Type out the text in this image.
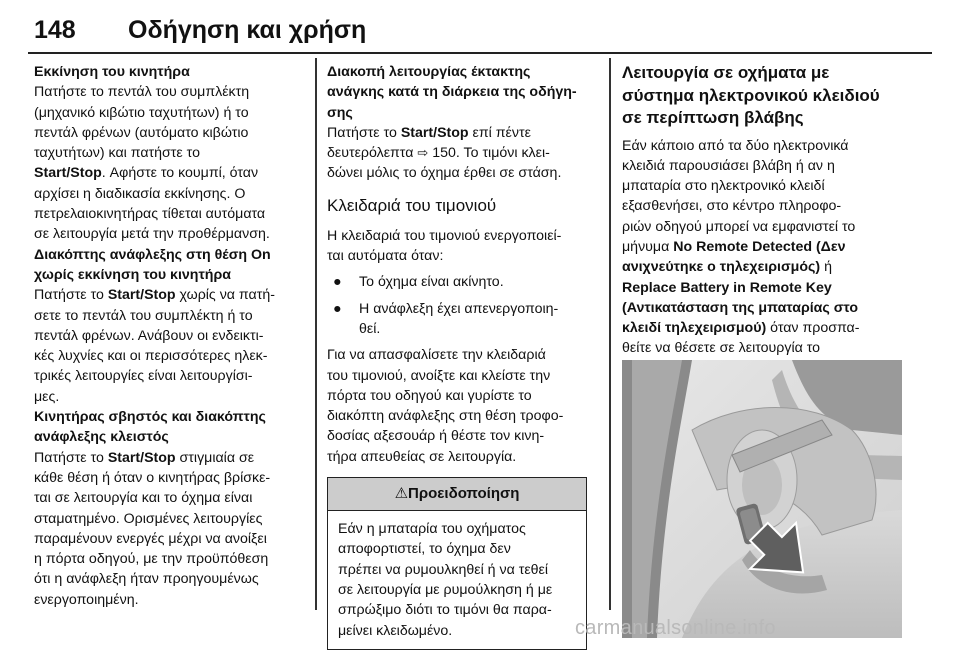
148 Οδήγηση και χρήση

Εκκίνηση του κινητήρα

Πατήστε το πεντάλ του συμπλέκτη

(μηχανικό κιβώτιο ταχυτήτων) ή το

πεντάλ φρένων (αυτόματο κιβώτιο

ταχυτήτων) και πατήστε το

Start/Stop. Αφήστε το κουμπί, όταν

αρχίσει η διαδικασία εκκίνησης. Ο

πετρελαιοκινητήρας τίθεται αυτόματα

σε λειτουργία μετά την προθέρμανση.

Διακόπτης ανάφλεξης στη θέση On

χωρίς εκκίνηση του κινητήρα

Πατήστε το Start/Stop χωρίς να πατή-

σετε το πεντάλ του συμπλέκτη ή το

πεντάλ φρένων. Ανάβουν οι ενδεικτι-

κές λυχνίες και οι περισσότερες ηλεκ-

τρικές λειτουργίες είναι λειτουργίσι-

μες.

Κινητήρας σβηστός και διακόπτης

ανάφλεξης κλειστός

Πατήστε το Start/Stop στιγμιαία σε

κάθε θέση ή όταν ο κινητήρας βρίσκε-

ται σε λειτουργία και το όχημα είναι

σταματημένο. Ορισμένες λειτουργίες

παραμένουν ενεργές μέχρι να ανοίξει

η πόρτα οδηγού, με την προϋπόθεση

ότι η ανάφλεξη ήταν προηγουμένως

ενεργοποιημένη.

Διακοπή λειτουργίας έκτακτης

ανάγκης κατά τη διάρκεια της οδήγη-

σης

Πατήστε το Start/Stop επί πέντε

δευτερόλεπτα ⇨ 150. Το τιμόνι κλει-

δώνει μόλις το όχημα έρθει σε στάση.

Κλειδαριά του τιμονιού

Η κλειδαριά του τιμονιού ενεργοποιεί-

ται αυτόματα όταν:

●	Το όχημα είναι ακίνητο.

●	Η ανάφλεξη έχει απενεργοποιη-

θεί.

Για να απασφαλίσετε την κλειδαριά

του τιμονιού, ανοίξτε και κλείστε την

πόρτα του οδηγού και γυρίστε το

διακόπτη ανάφλεξης στη θέση τροφο-

δοσίας αξεσουάρ ή θέστε τον κινη-

τήρα απευθείας σε λειτουργία.

⚠Προειδοποίηση

Εάν η μπαταρία του οχήματος

αποφορτιστεί, το όχημα δεν

πρέπει να ρυμουλκηθεί ή να τεθεί

σε λειτουργία με ρυμούλκηση ή με

σπρώξιμο διότι το τιμόνι θα παρα-

μείνει κλειδωμένο.

Λειτουργία σε οχήματα με

σύστημα ηλεκτρονικού κλειδιού

σε περίπτωση βλάβης

Εάν κάποιο από τα δύο ηλεκτρονικά

κλειδιά παρουσιάσει βλάβη ή αν η

μπαταρία στο ηλεκτρονικό κλειδί

εξασθενήσει, στο κέντρο πληροφο-

ριών οδηγού μπορεί να εμφανιστεί το

μήνυμα No Remote Detected (Δεν

ανιχνεύτηκε ο τηλεχειρισμός) ή

Replace Battery in Remote Key

(Αντικατάσταση της μπαταρίας στο

κλειδί τηλεχειρισμού) όταν προσπα-

θείτε να θέσετε σε λειτουργία το

carmanualsonline.info
